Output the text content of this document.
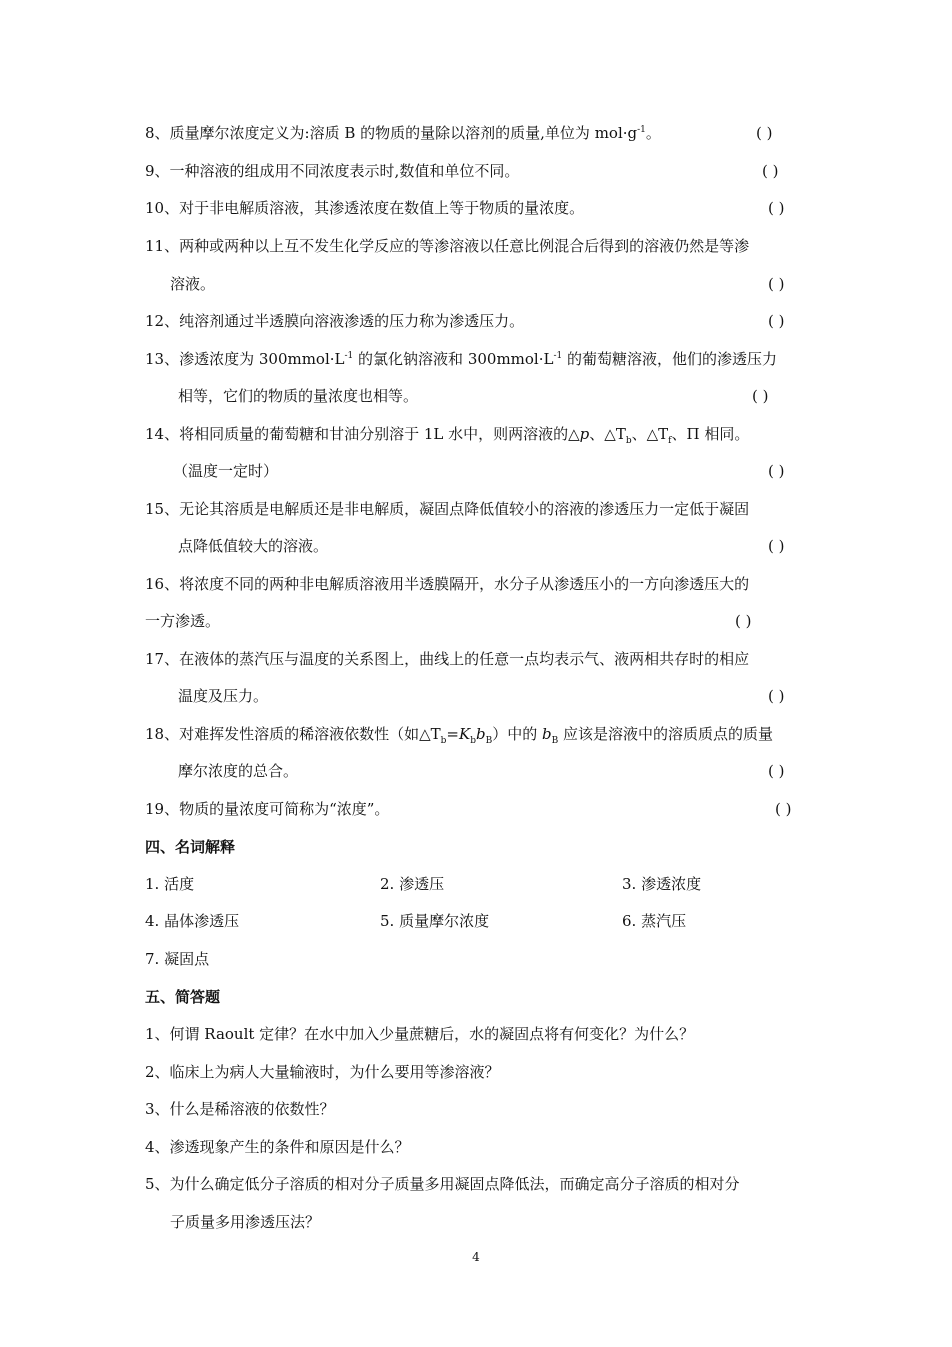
8、质量摩尔浓度定义为:溶质 B 的物质的量除以溶剂的质量,单位为 $mol\cdot g^{-1}$。	( )
9、一种溶液的组成用不同浓度表示时,数值和单位不同。	( )
10、对于非电解质溶液，其渗透浓度在数值上等于物质的量浓度。	( )
11、两种或两种以上互不发生化学反应的等渗溶液以任意比例混合后得到的溶液仍然是等渗
溶液。	( )
12、纯溶剂通过半透膜向溶液渗透的压力称为渗透压力。	( )
13、渗透浓度为 $300mmol\cdot L^{-1}$ 的氯化钠溶液和 $300mmol\cdot L^{-1}$ 的葡萄糖溶液，他们的渗透压力
相等，它们的物质的量浓度也相等。	( )
14、将相同质量的葡萄糖和甘油分别溶于 1L 水中，则两溶液的△p、$\triangle T_b$、$\triangle T_f$、Π 相同。
（温度一定时）	( )
15、无论其溶质是电解质还是非电解质，凝固点降低值较小的溶液的渗透压力一定低于凝固
点降低值较大的溶液。	( )
16、将浓度不同的两种非电解质溶液用半透膜隔开，水分子从渗透压小的一方向渗透压大的
一方渗透。	( )
17、在液体的蒸汽压与温度的关系图上，曲线上的任意一点均表示气、液两相共存时的相应
温度及压力。	( )
18、对难挥发性溶质的稀溶液依数性（如$\triangle T_b=K_bb_B$）中的 $b_B$ 应该是溶液中的溶质质点的质量
摩尔浓度的总合。	( )
19、物质的量浓度可简称为“浓度”。	( )
四、名词解释
1. 活度	2. 渗透压	3. 渗透浓度
4. 晶体渗透压	5. 质量摩尔浓度	6. 蒸汽压
7. 凝固点
五、简答题
1、何谓 Raoult 定律？在水中加入少量蔗糖后，水的凝固点将有何变化？为什么？
2、临床上为病人大量输液时，为什么要用等渗溶液？
3、什么是稀溶液的依数性？
4、渗透现象产生的条件和原因是什么？
5、为什么确定低分子溶质的相对分子质量多用凝固点降低法，而确定高分子溶质的相对分
子质量多用渗透压法？
4
